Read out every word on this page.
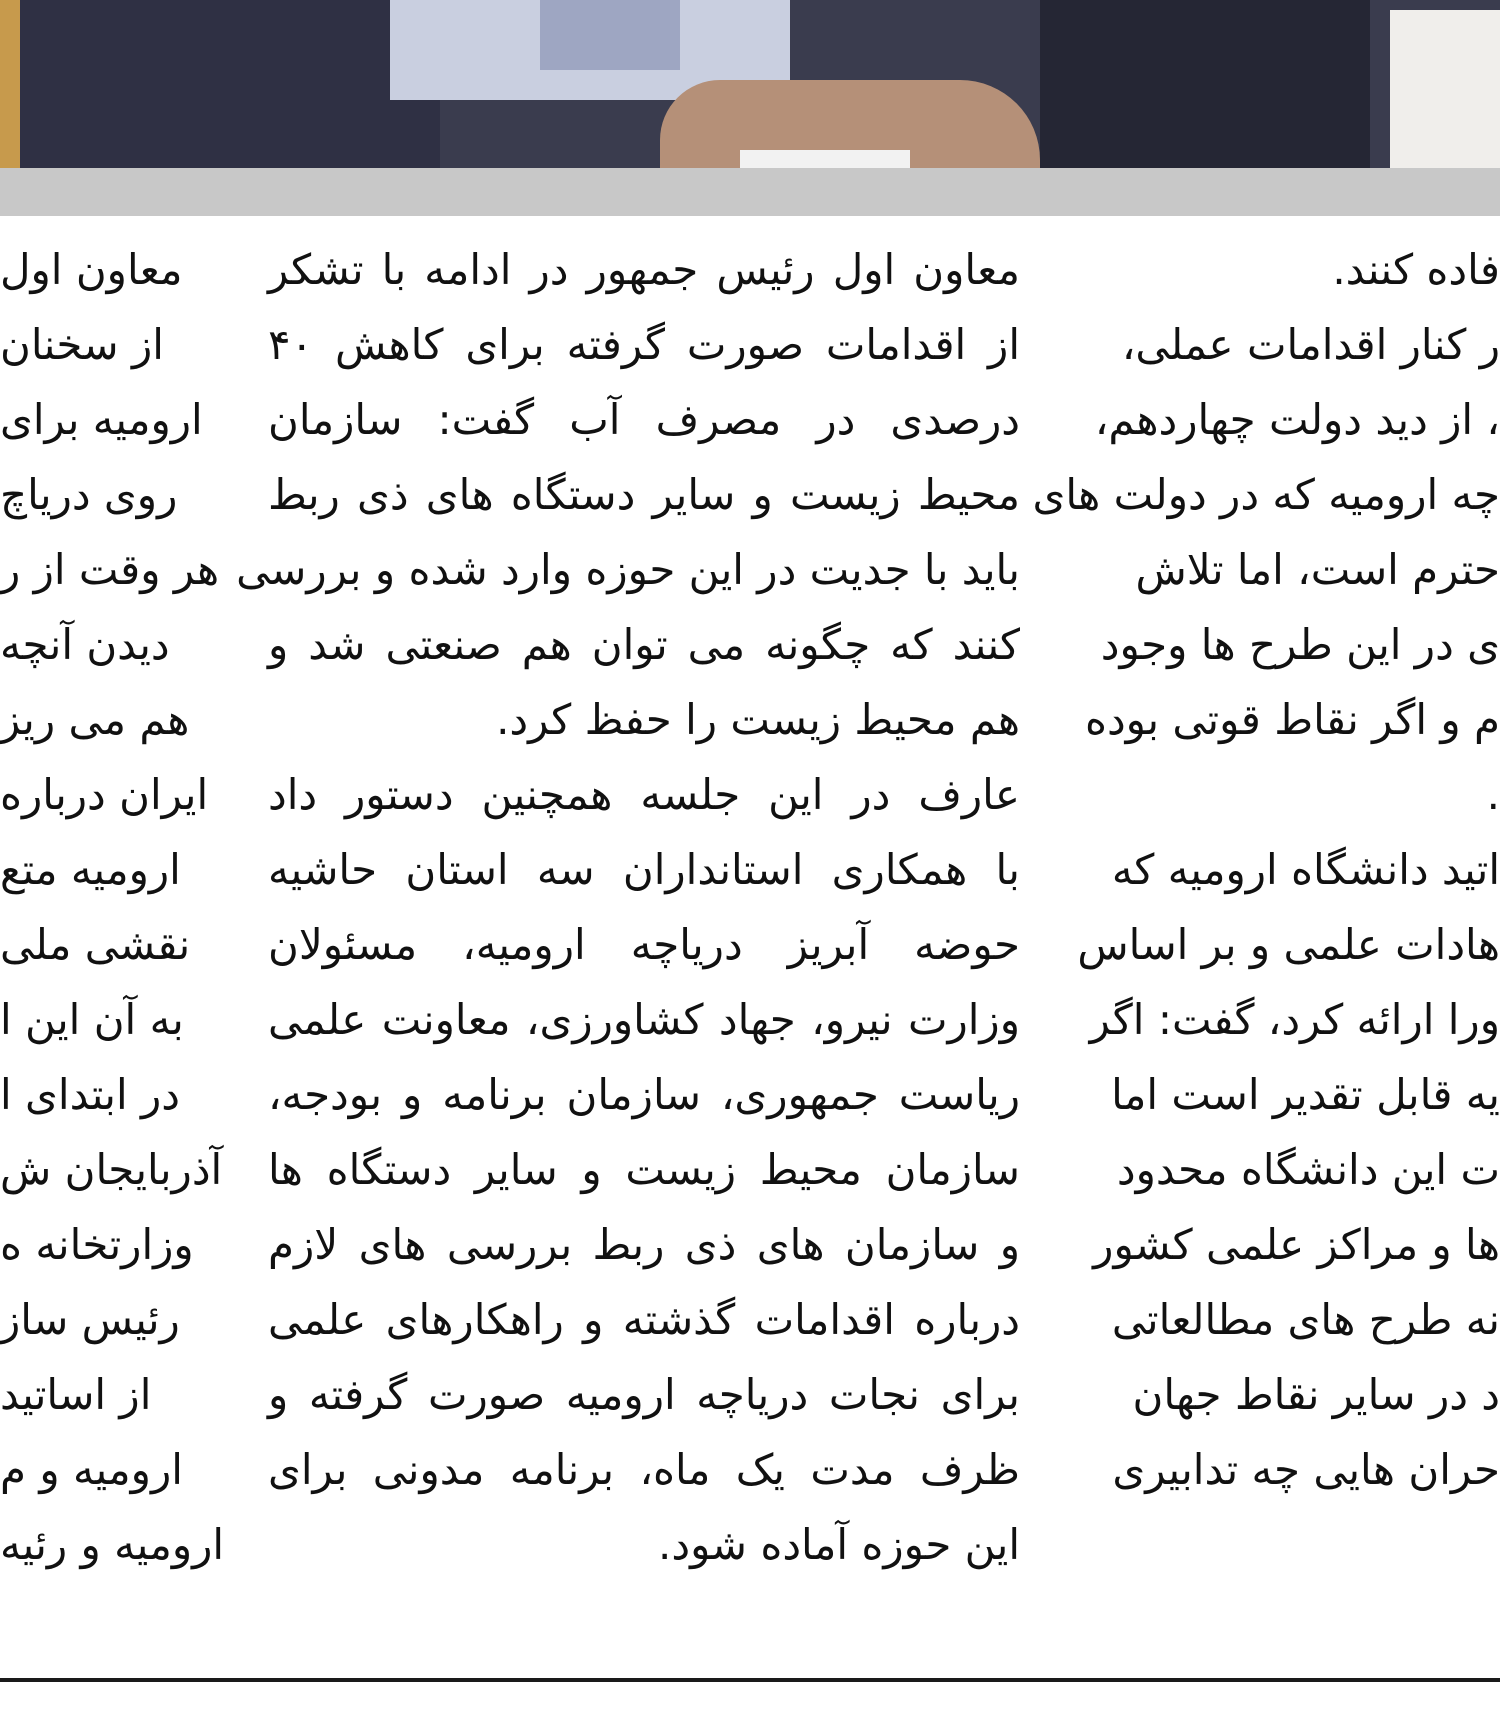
فاده کنند.
ر کنار اقدامات عملی،
، از دید دولت چهاردهم،
چه ارومیه که در دولت های
حترم است، اما تلاش
ی در این طرح ها وجود
م و اگر نقاط قوتی بوده
.
اتید دانشگاه ارومیه که
هادات علمی و بر اساس
ورا ارائه کرد، گفت: اگر
یه قابل تقدیر است اما
ت این دانشگاه محدود
ها و مراکز علمی کشور
نه طرح های مطالعاتی
د در سایر نقاط جهان
حران هایی چه تدابیری
معاون اول رئیس جمهور در ادامه با تشکر
از اقدامات صورت گرفته برای کاهش ۴۰
درصدی در مصرف آب گفت: سازمان
محیط زیست و سایر دستگاه های ذی ربط
باید با جدیت در این حوزه وارد شده و بررسی
کنند که چگونه می توان هم صنعتی شد و
هم محیط زیست را حفظ کرد.
عارف در این جلسه همچنین دستور داد
با همکاری استانداران سه استان حاشیه
حوضه آبریز دریاچه ارومیه، مسئولان
وزارت نیرو، جهاد کشاورزی، معاونت علمی
ریاست جمهوری، سازمان برنامه و بودجه،
سازمان محیط زیست و سایر دستگاه ها
و سازمان های ذی ربط بررسی های لازم
درباره اقدامات گذشته و راهکارهای علمی
برای نجات دریاچه ارومیه صورت گرفته و
ظرف مدت یک ماه، برنامه مدونی برای
این حوزه آماده شود.
معاون اول
از سخنان
ارومیه برای
روی دریاچ
هر وقت از ر
دیدن آنچه
هم می ریز
ایران درباره
ارومیه متع
نقشی ملی
به آن این ا
در ابتدای ا
آذربایجان ش
وزارتخانه ه
رئیس ساز
از اساتید
ارومیه و م
ارومیه و رئیه
